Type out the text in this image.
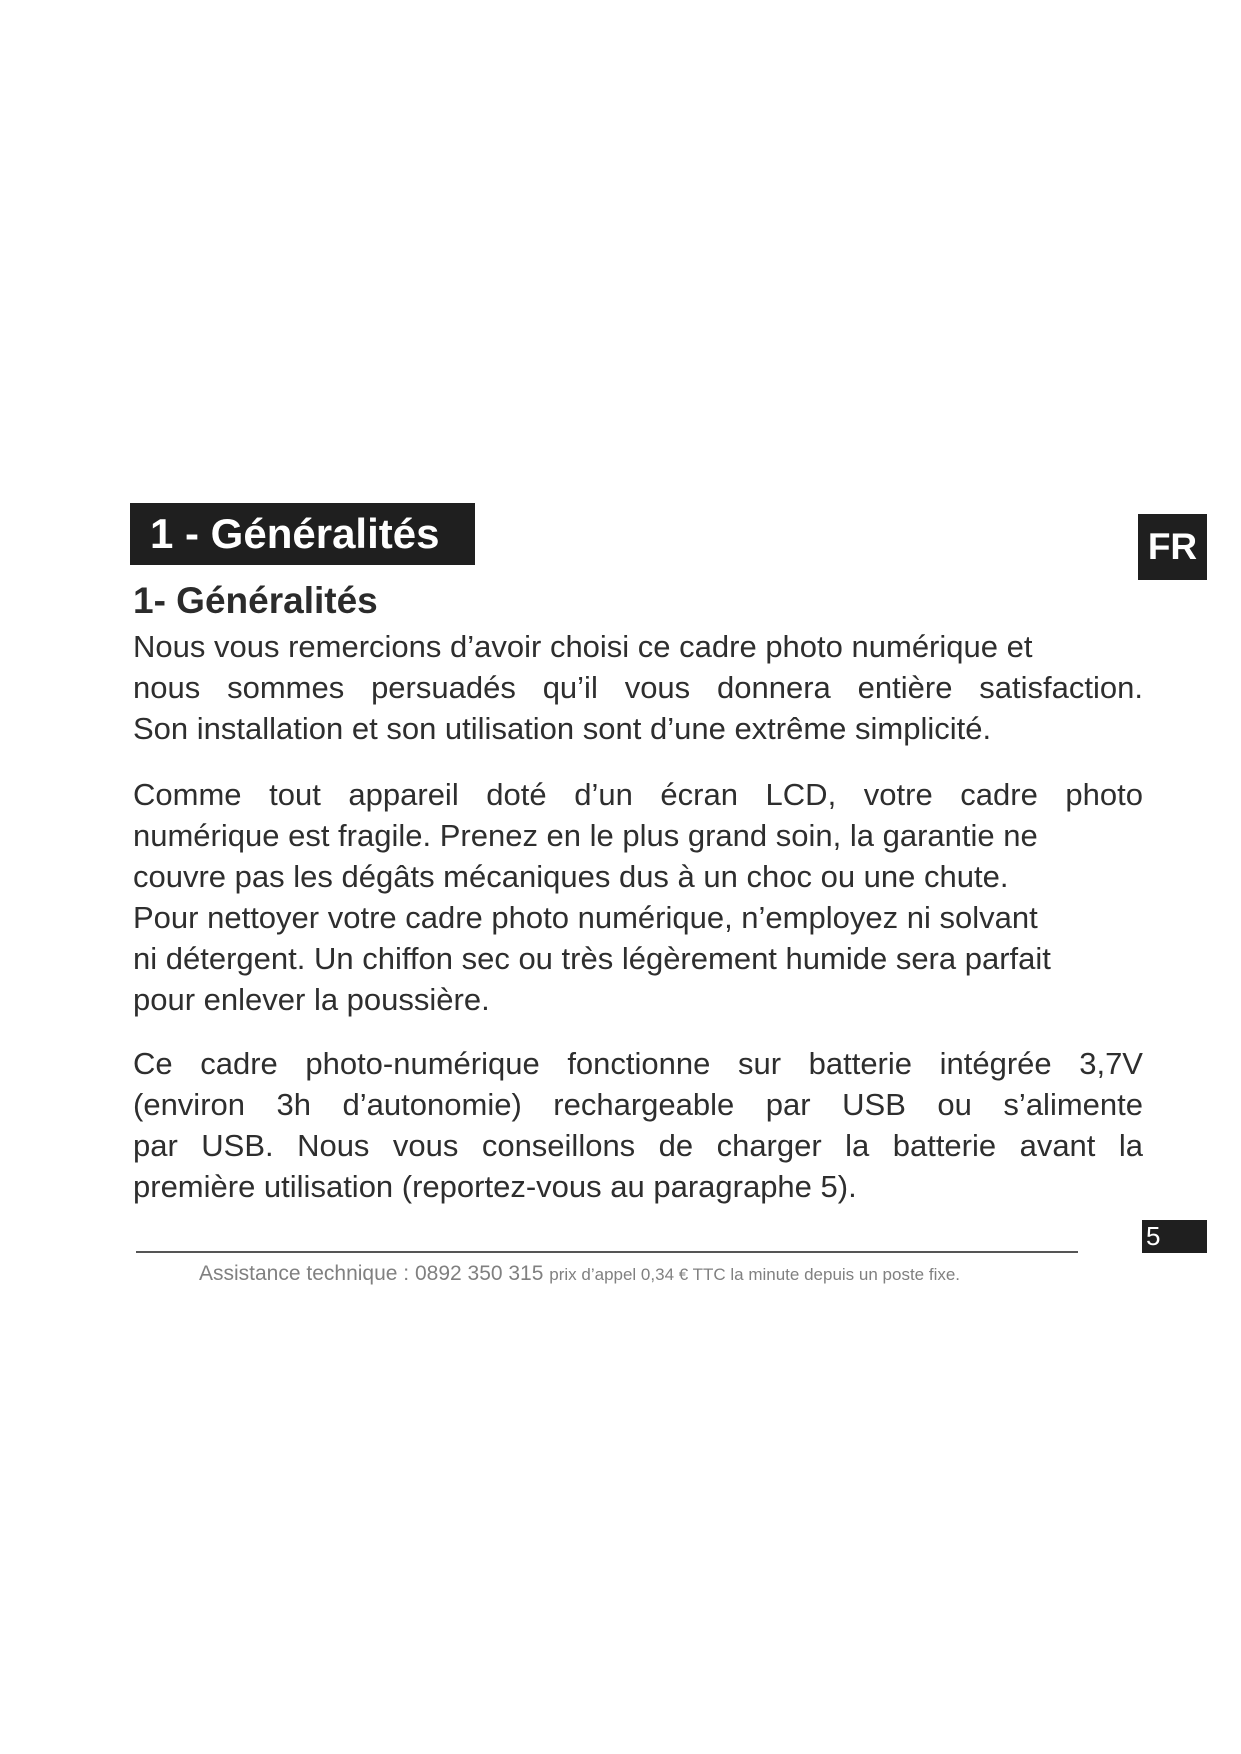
1 - Généralités	FR
1- Généralités
Nous vous remercions d’avoir choisi ce cadre photo numérique et
nous sommes persuadés qu’il vous donnera entière satisfaction.
Son installation et son utilisation sont d’une extrême simplicité.
Comme tout appareil doté d’un écran LCD, votre cadre photo
numérique est fragile. Prenez en le plus grand soin, la garantie ne
couvre pas les dégâts mécaniques dus à un choc ou une chute.
Pour nettoyer votre cadre photo numérique, n’employez ni solvant
ni détergent. Un chiffon sec ou très légèrement humide sera parfait
pour enlever la poussière.
Ce cadre photo-numérique fonctionne sur batterie intégrée 3,7V
(environ 3h d’autonomie) rechargeable par USB ou s’alimente
par USB. Nous vous conseillons de charger la batterie avant la
première utilisation (reportez-vous au paragraphe 5).
5
Assistance technique : 0892 350 315 prix d’appel 0,34 € TTC la minute depuis un poste fixe.
